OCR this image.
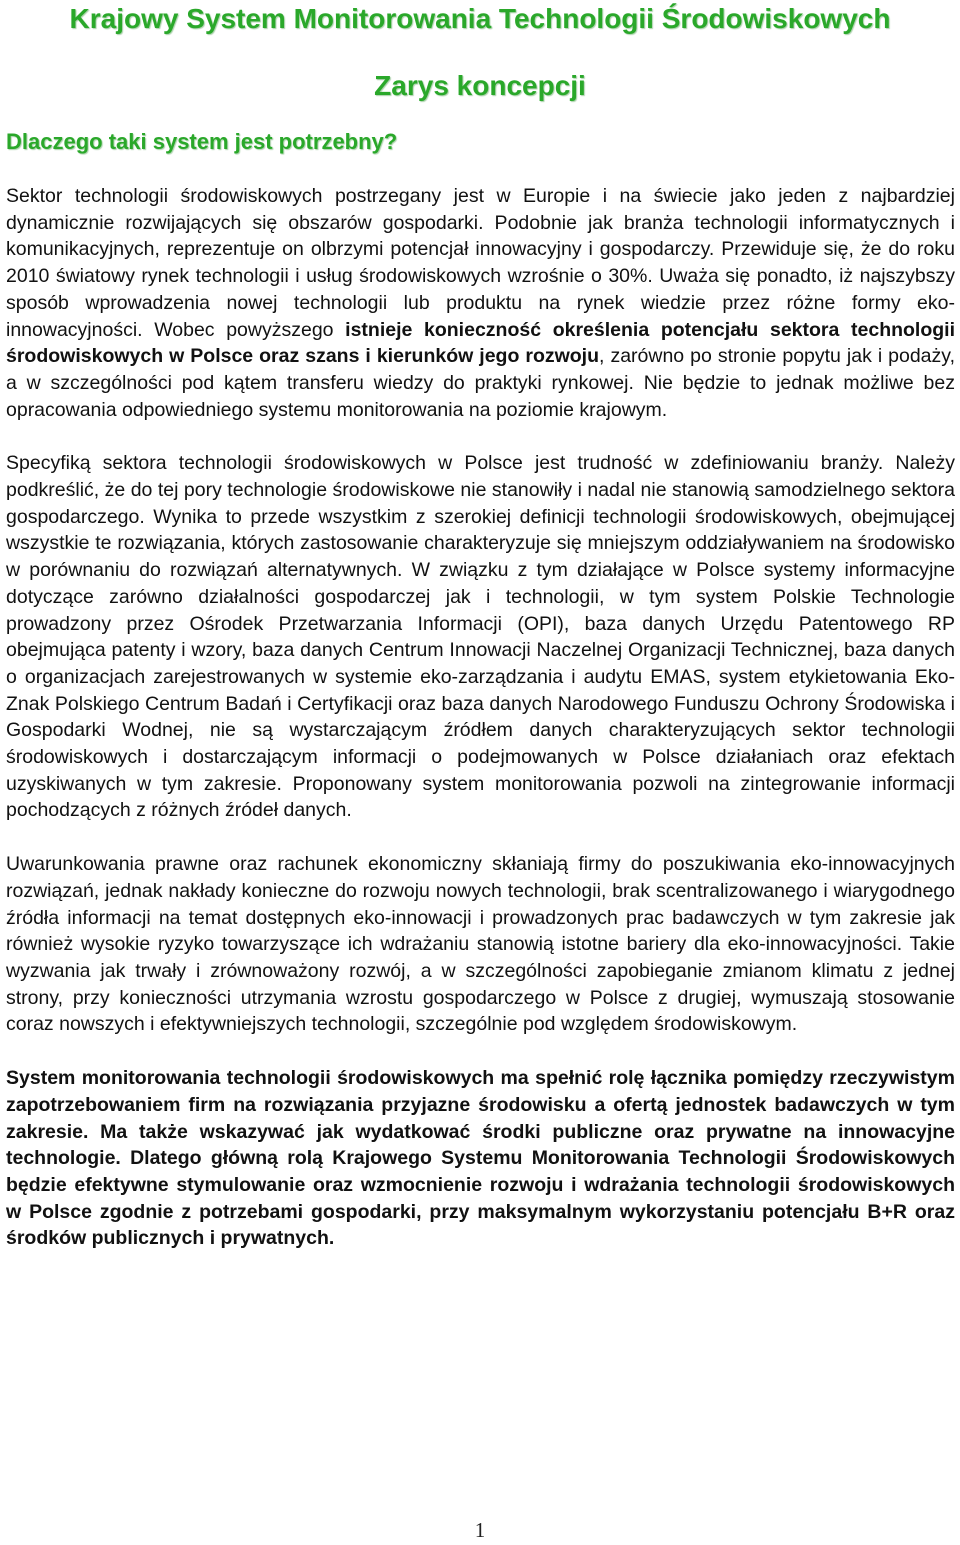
Krajowy System Monitorowania Technologii Środowiskowych
Zarys koncepcji
Dlaczego taki system jest potrzebny?

Sektor technologii środowiskowych postrzegany jest w Europie i na świecie jako jeden z najbardziej dynamicznie rozwijających się obszarów gospodarki. Podobnie jak branża technologii informatycznych i komunikacyjnych, reprezentuje on olbrzymi potencjał innowacyjny i gospodarczy. Przewiduje się, że do roku 2010 światowy rynek technologii i usług środowiskowych wzrośnie o 30%. Uważa się ponadto, iż najszybszy sposób wprowadzenia nowej technologii lub produktu na rynek wiedzie przez różne formy eko-innowacyjności. Wobec powyższego istnieje konieczność określenia potencjału sektora technologii środowiskowych w Polsce oraz szans i kierunków jego rozwoju, zarówno po stronie popytu jak i podaży, a w szczególności pod kątem transferu wiedzy do praktyki rynkowej. Nie będzie to jednak możliwe bez opracowania odpowiedniego systemu monitorowania na poziomie krajowym.

Specyfiką sektora technologii środowiskowych w Polsce jest trudność w zdefiniowaniu branży. Należy podkreślić, że do tej pory technologie środowiskowe nie stanowiły i nadal nie stanowią samodzielnego sektora gospodarczego. Wynika to przede wszystkim z szerokiej definicji technologii środowiskowych, obejmującej wszystkie te rozwiązania, których zastosowanie charakteryzuje się mniejszym oddziaływaniem na środowisko w porównaniu do rozwiązań alternatywnych. W związku z tym działające w Polsce systemy informacyjne dotyczące zarówno działalności gospodarczej jak i technologii, w tym system Polskie Technologie prowadzony przez Ośrodek Przetwarzania Informacji (OPI), baza danych Urzędu Patentowego RP obejmująca patenty i wzory, baza danych Centrum Innowacji Naczelnej Organizacji Technicznej, baza danych o organizacjach zarejestrowanych w systemie eko-zarządzania i audytu EMAS, system etykietowania Eko-Znak Polskiego Centrum Badań i Certyfikacji oraz baza danych Narodowego Funduszu Ochrony Środowiska i Gospodarki Wodnej, nie są wystarczającym źródłem danych charakteryzujących sektor technologii środowiskowych i dostarczającym informacji o podejmowanych w Polsce działaniach oraz efektach uzyskiwanych w tym zakresie. Proponowany system monitorowania pozwoli na zintegrowanie informacji pochodzących z różnych źródeł danych.

Uwarunkowania prawne oraz rachunek ekonomiczny skłaniają firmy do poszukiwania eko-innowacyjnych rozwiązań, jednak nakłady konieczne do rozwoju nowych technologii, brak scentralizowanego i wiarygodnego źródła informacji na temat dostępnych eko-innowacji i prowadzonych prac badawczych w tym zakresie jak również wysokie ryzyko towarzyszące ich wdrażaniu stanowią istotne bariery dla eko-innowacyjności. Takie wyzwania jak trwały i zrównoważony rozwój, a w szczególności zapobieganie zmianom klimatu z jednej strony, przy konieczności utrzymania wzrostu gospodarczego w Polsce z drugiej, wymuszają stosowanie coraz nowszych i efektywniejszych technologii, szczególnie pod względem środowiskowym.

System monitorowania technologii środowiskowych ma spełnić rolę łącznika pomiędzy rzeczywistym zapotrzebowaniem firm na rozwiązania przyjazne środowisku a ofertą jednostek badawczych w tym zakresie. Ma także wskazywać jak wydatkować środki publiczne oraz prywatne na innowacyjne technologie. Dlatego główną rolą Krajowego Systemu Monitorowania Technologii Środowiskowych będzie efektywne stymulowanie oraz wzmocnienie rozwoju i wdrażania technologii środowiskowych w Polsce zgodnie z potrzebami gospodarki, przy maksymalnym wykorzystaniu potencjału B+R oraz środków publicznych i prywatnych.

1
